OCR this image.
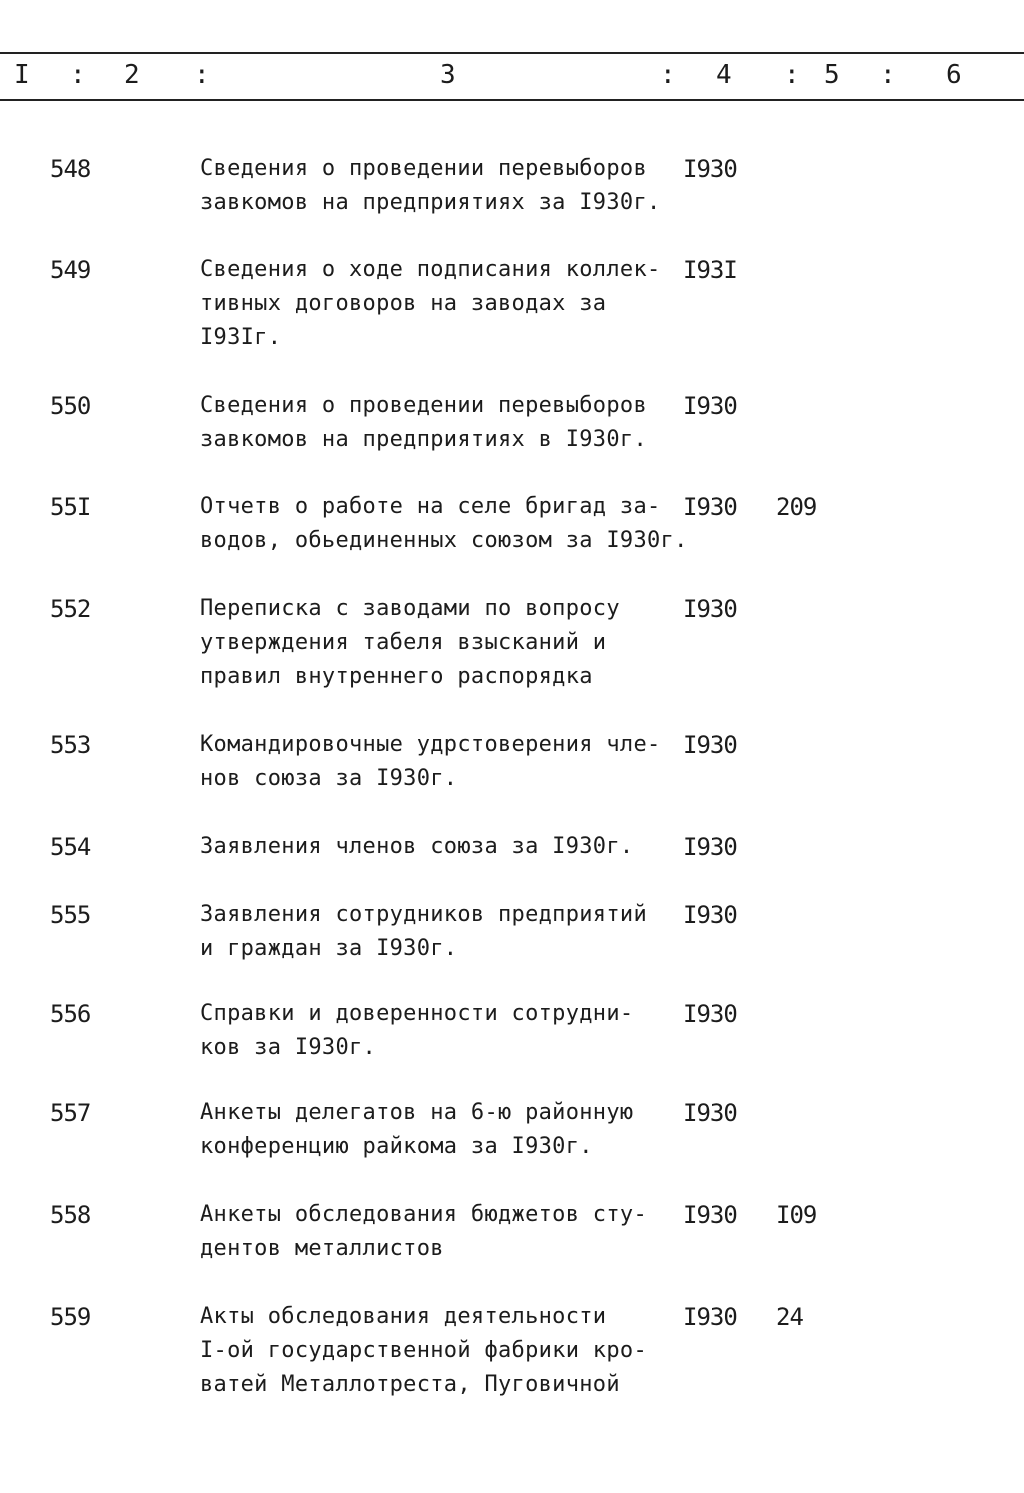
I : 2 :	3	: 4 : 5 : 6
548	Сведения о проведении перевыборов
завкомов на предприятиях за I930г.
I930
549	Сведения о ходе подписания коллек-
тивных договоров на заводах за
I93Iг.
I93I
550	Сведения о проведении перевыборов
завкомов на предприятиях в I930г.
I930
55I	Отчетв о работе на селе бригад за-
водов, обьединенных союзом за I930г.
I930 209
552	Переписка с заводами по вопросу
утверждения табеля взысканий и
правил внутреннего распорядка
I930
553	Командировочные удрстоверения чле-
нов союза за I930г.
I930
554	Заявления членов союза за I930г.	I930
555	Заявления сотрудников предприятий
и граждан за I930г.
I930
556	Справки и доверенности сотрудни-
ков за I930г.
I930
557	Анкеты делегатов на 6-ю районную
конференцию райкома за I930г.
I930
558	Анкеты обследования бюджетов сту-
дентов металлистов
I930 I09
559	Акты обследования деятельности
I-ой государственной фабрики кро-
ватей Металлотреста, Пуговичной
I930 24
